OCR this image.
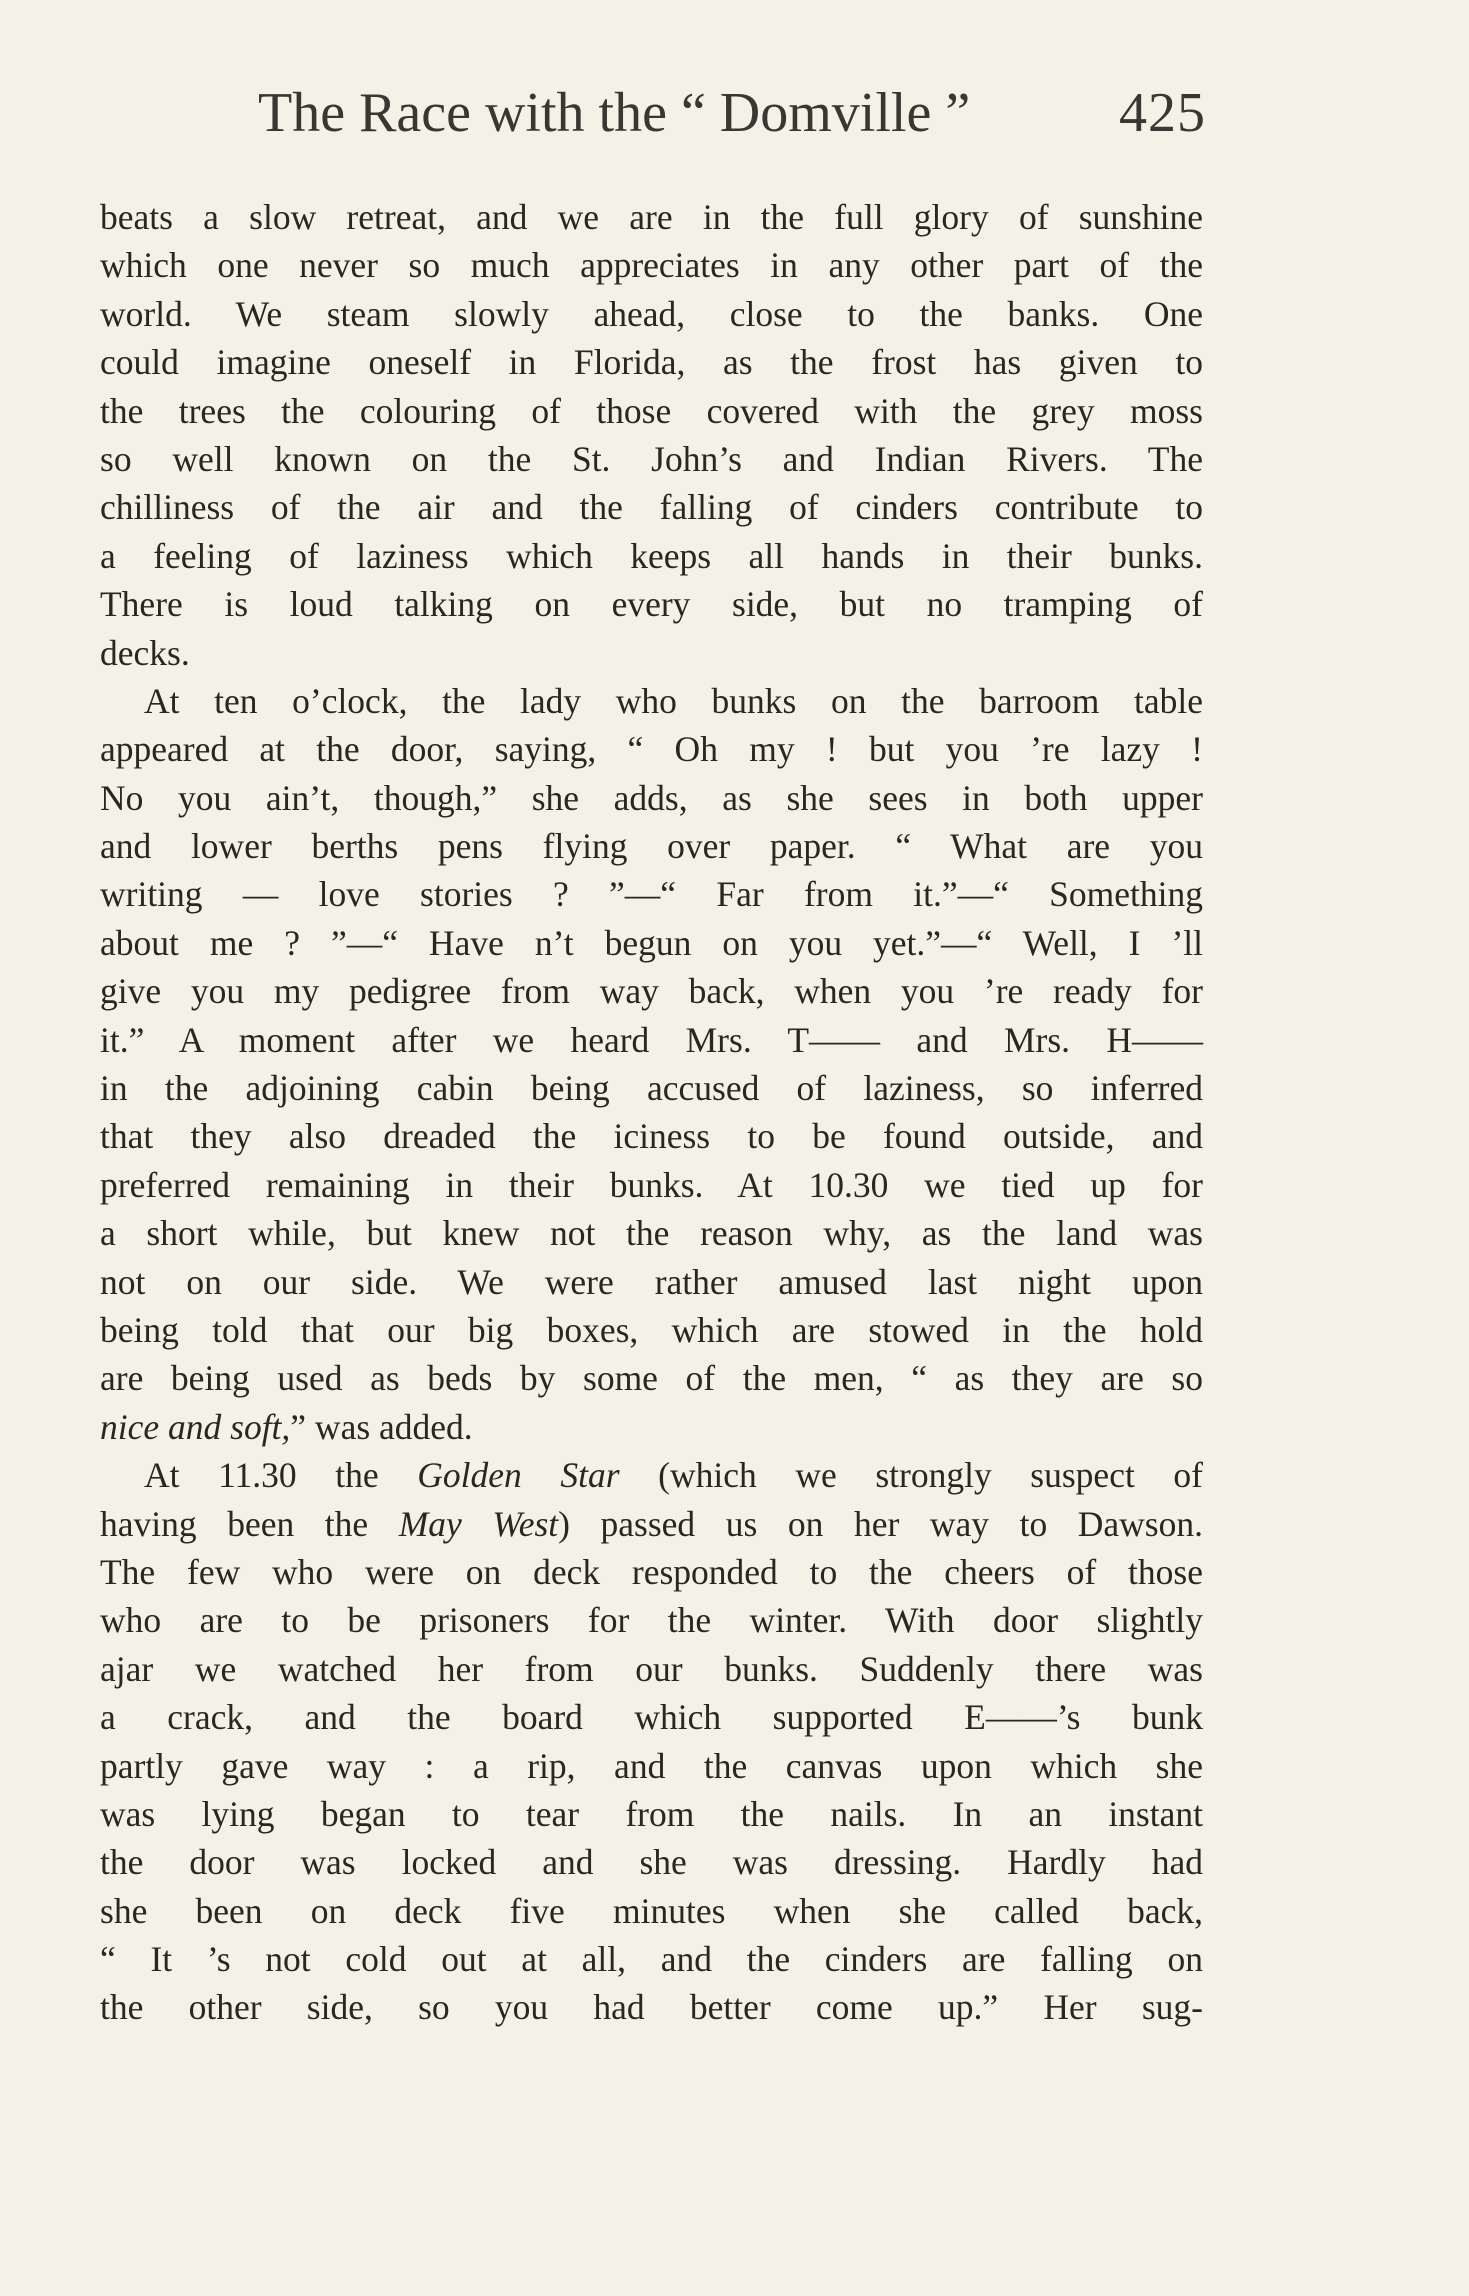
The Race with the “ Domville ”	425
beats a slow retreat, and we are in the full glory of sunshine
which one never so much appreciates in any other part of the
world. We steam slowly ahead, close to the banks. One
could imagine oneself in Florida, as the frost has given to
the trees the colouring of those covered with the grey moss
so well known on the St. John’s and Indian Rivers. The
chilliness of the air and the falling of cinders contribute to
a feeling of laziness which keeps all hands in their bunks.
There is loud talking on every side, but no tramping of
decks.
At ten o’clock, the lady who bunks on the barroom table
appeared at the door, saying, “ Oh my ! but you ’re lazy !
No you ain’t, though,” she adds, as she sees in both upper
and lower berths pens flying over paper. “ What are you
writing — love stories ? ”—“ Far from it.”—“ Something
about me ? ”—“ Have n’t begun on you yet.”—“ Well, I ’ll
give you my pedigree from way back, when you ’re ready for
it.” A moment after we heard Mrs. T—— and Mrs. H——
in the adjoining cabin being accused of laziness, so inferred
that they also dreaded the iciness to be found outside, and
preferred remaining in their bunks. At 10.30 we tied up for
a short while, but knew not the reason why, as the land was
not on our side. We were rather amused last night upon
being told that our big boxes, which are stowed in the hold
are being used as beds by some of the men, “ as they are so
nice and soft,” was added.
At 11.30 the Golden Star (which we strongly suspect of
having been the May West) passed us on her way to Dawson.
The few who were on deck responded to the cheers of those
who are to be prisoners for the winter. With door slightly
ajar we watched her from our bunks. Suddenly there was
a crack, and the board which supported E——’s bunk
partly gave way : a rip, and the canvas upon which she
was lying began to tear from the nails. In an instant
the door was locked and she was dressing. Hardly had
she been on deck five minutes when she called back,
“ It ’s not cold out at all, and the cinders are falling on
the other side, so you had better come up.” Her sug-
